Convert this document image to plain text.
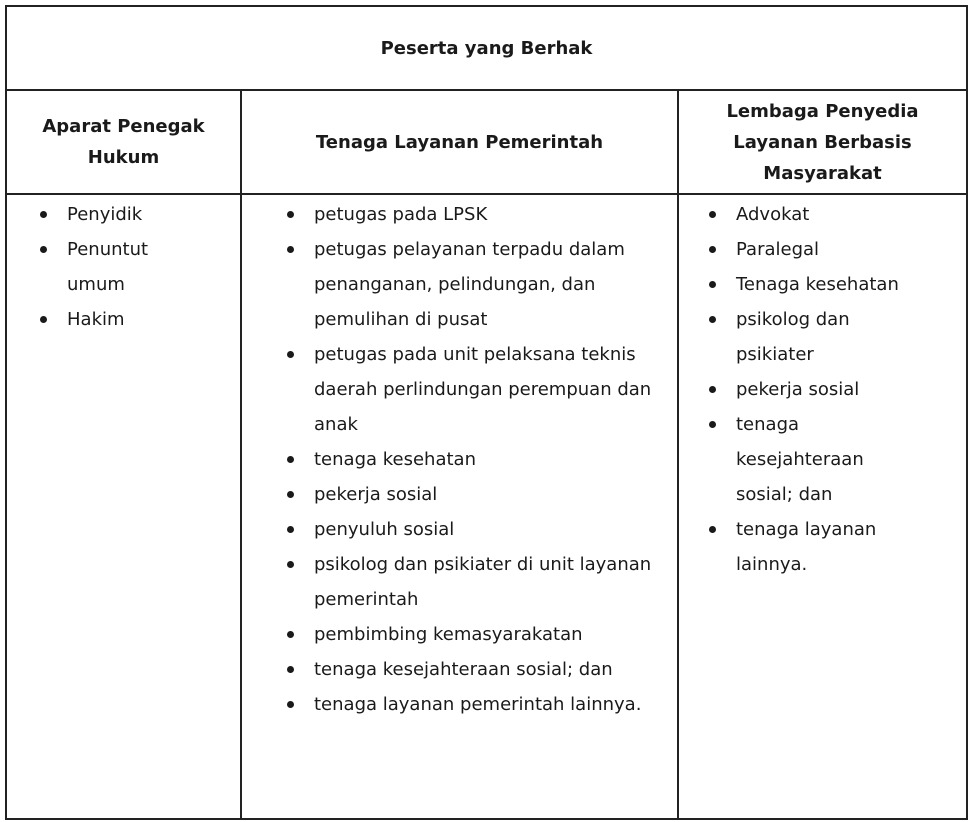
Peserta yang Berhak
Aparat Penegak Hukum
Tenaga Layanan Pemerintah
Lembaga Penyedia Layanan Berbasis Masyarakat
Penyidik
Penuntut umum
Hakim
petugas pada LPSK
petugas pelayanan terpadu dalam penanganan, pelindungan, dan pemulihan di pusat
petugas pada unit pelaksana teknis daerah perlindungan perempuan dan anak
tenaga kesehatan
pekerja sosial
penyuluh sosial
psikolog dan psikiater di unit layanan pemerintah
pembimbing kemasyarakatan
tenaga kesejahteraan sosial; dan
tenaga layanan pemerintah lainnya.
Advokat
Paralegal
Tenaga kesehatan
psikolog dan psikiater
pekerja sosial
tenaga kesejahteraan sosial; dan
tenaga layanan lainnya.
